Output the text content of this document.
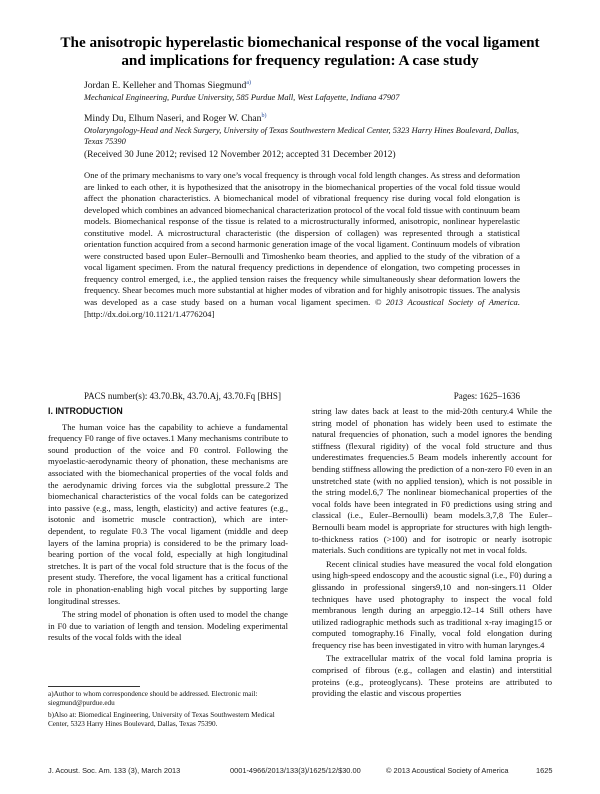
The anisotropic hyperelastic biomechanical response of the vocal ligament and implications for frequency regulation: A case study
Jordan E. Kelleher and Thomas Siegmund$^{a)}$
Mechanical Engineering, Purdue University, 585 Purdue Mall, West Lafayette, Indiana 47907
Mindy Du, Elhum Naseri, and Roger W. Chan$^{b)}$
Otolaryngology-Head and Neck Surgery, University of Texas Southwestern Medical Center, 5323 Harry Hines Boulevard, Dallas, Texas 75390
(Received 30 June 2012; revised 12 November 2012; accepted 31 December 2012)
One of the primary mechanisms to vary one’s vocal frequency is through vocal fold length changes. As stress and deformation are linked to each other, it is hypothesized that the anisotropy in the biomechanical properties of the vocal fold tissue would affect the phonation characteristics. A biomechanical model of vibrational frequency rise during vocal fold elongation is developed which combines an advanced biomechanical characterization protocol of the vocal fold tissue with continuum beam models. Biomechanical response of the tissue is related to a microstructurally informed, anisotropic, nonlinear hyperelastic constitutive model. A microstructural characteristic (the dispersion of collagen) was represented through a statistical orientation function acquired from a second harmonic generation image of the vocal ligament. Continuum models of vibration were constructed based upon Euler–Bernoulli and Timoshenko beam theories, and applied to the study of the vibration of a vocal ligament specimen. From the natural frequency predictions in dependence of elongation, two competing processes in frequency control emerged, i.e., the applied tension raises the frequency while simultaneously shear deformation lowers the frequency. Shear becomes much more substantial at higher modes of vibration and for highly anisotropic tissues. The analysis was developed as a case study based on a human vocal ligament specimen. © 2013 Acoustical Society of America. [http://dx.doi.org/10.1121/1.4776204]
PACS number(s): 43.70.Bk, 43.70.Aj, 43.70.Fq [BHS]	Pages: 1625–1636
I. INTRODUCTION

The human voice has the capability to achieve a fundamental frequency F0 range of five octaves.1 Many mechanisms contribute to sound production of the voice and F0 control. Following the myoelastic-aerodynamic theory of phonation, these mechanisms are associated with the biomechanical properties of the vocal folds and the aerodynamic driving forces via the subglottal pressure.2 The biomechanical characteristics of the vocal folds can be categorized into passive (e.g., mass, length, elasticity) and active features (e.g., isotonic and isometric muscle contraction), which are inter-dependent, to regulate F0.3 The vocal ligament (middle and deep layers of the lamina propria) is considered to be the primary load-bearing portion of the vocal fold, especially at high longitudinal stretches. It is part of the vocal fold structure that is the focus of the present study. Therefore, the vocal ligament has a critical functional role in phonation-enabling high vocal pitches by supporting large longitudinal stresses.

The string model of phonation is often used to model the change in F0 due to variation of length and tension. Modeling experimental results of the vocal folds with the ideal

string law dates back at least to the mid-20th century.4 While the string model of phonation has widely been used to estimate the natural frequencies of phonation, such a model ignores the bending stiffness (flexural rigidity) of the vocal fold structure and thus underestimates frequencies.5 Beam models inherently account for bending stiffness allowing the prediction of a non-zero F0 even in an unstretched state (with no applied tension), which is not possible in the string model.6,7 The nonlinear biomechanical properties of the vocal folds have been integrated in F0 predictions using string and classical (i.e., Euler–Bernoulli) beam models.3,7,8 The Euler–Bernoulli beam model is appropriate for structures with high length-to-thickness ratios (>100) and for isotropic or nearly isotropic materials. Such conditions are typically not met in vocal folds.

Recent clinical studies have measured the vocal fold elongation using high-speed endoscopy and the acoustic signal (i.e., F0) during a glissando in professional singers9,10 and non-singers.11 Older techniques have used photography to inspect the vocal fold membranous length during an arpeggio.12–14 Still others have utilized radiographic methods such as traditional x-ray imaging15 or computed tomography.16 Finally, vocal fold elongation during frequency rise has been investigated in vitro with human larynges.4

The extracellular matrix of the vocal fold lamina propria is comprised of fibrous (e.g., collagen and elastin) and interstitial proteins (e.g., proteoglycans). These proteins are attributed to providing the elastic and viscous properties

a)Author to whom correspondence should be addressed. Electronic mail: siegmund@purdue.edu

b)Also at: Biomedical Engineering, University of Texas Southwestern Medical Center, 5323 Harry Hines Boulevard, Dallas, Texas 75390.

J. Acoust. Soc. Am. 133 (3), March 2013	0001-4966/2013/133(3)/1625/12/$30.00	© 2013 Acoustical Society of America	1625
